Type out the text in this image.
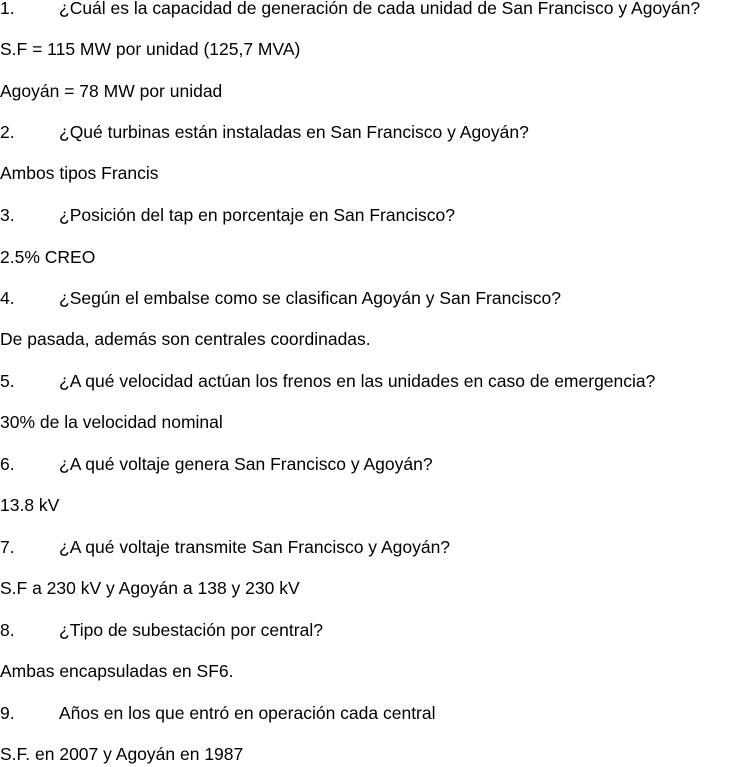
1.	¿Cuál es la capacidad de generación de cada unidad de San Francisco y Agoyán?
S.F = 115 MW por unidad (125,7 MVA)
Agoyán = 78 MW por unidad
2.	¿Qué turbinas están instaladas en San Francisco y Agoyán?
Ambos tipos Francis
3.	¿Posición del tap en porcentaje en San Francisco?
2.5% CREO
4.	¿Según el embalse como se clasifican Agoyán y San Francisco?
De pasada, además son centrales coordinadas.
5.	¿A qué velocidad actúan los frenos en las unidades en caso de emergencia?
30% de la velocidad nominal
6.	¿A qué voltaje genera San Francisco y Agoyán?
13.8 kV
7.	¿A qué voltaje transmite San Francisco y Agoyán?
S.F a 230 kV y Agoyán a 138 y 230 kV
8.	¿Tipo de subestación por central?
Ambas encapsuladas en SF6.
9.	Años en los que entró en operación cada central
S.F. en 2007 y Agoyán en 1987
